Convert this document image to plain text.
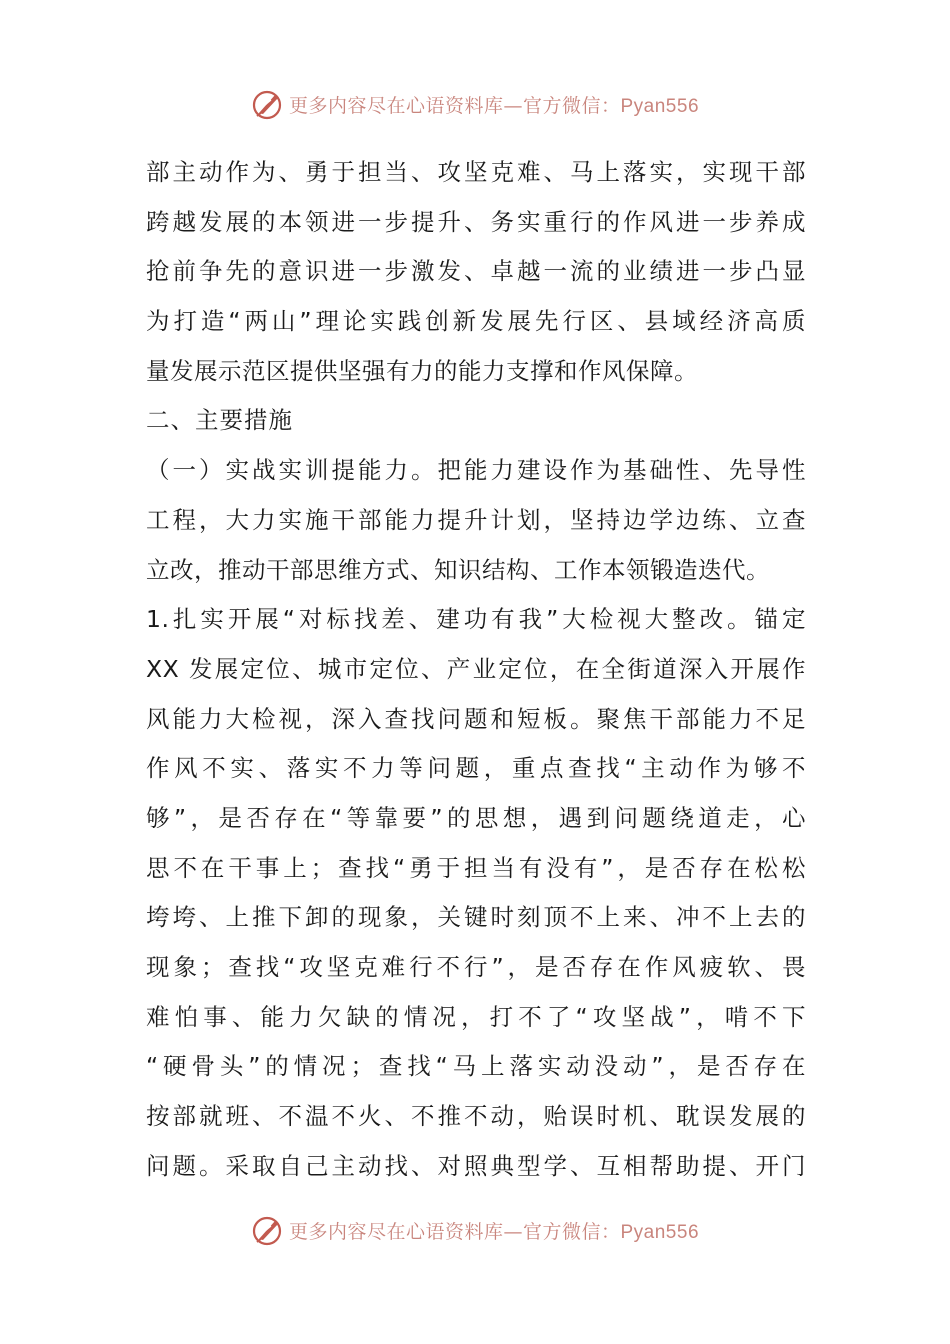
更多内容尽在心语资料库—官方微信：Pyan556
部主动作为、勇于担当、攻坚克难、马上落实，实现干部
跨越发展的本领进一步提升、务实重行的作风进一步养成
抢前争先的意识进一步激发、卓越一流的业绩进一步凸显
为打造“两山”理论实践创新发展先行区、县域经济高质
量发展示范区提供坚强有力的能力支撑和作风保障。
二、主要措施
（一）实战实训提能力。把能力建设作为基础性、先导性
工程，大力实施干部能力提升计划，坚持边学边练、立查
立改，推动干部思维方式、知识结构、工作本领锻造迭代。
1.扎实开展“对标找差、建功有我”大检视大整改。锚定
XX 发展定位、城市定位、产业定位，在全街道深入开展作
风能力大检视，深入查找问题和短板。聚焦干部能力不足
作风不实、落实不力等问题，重点查找“主动作为够不
够”，是否存在“等靠要”的思想，遇到问题绕道走，心
思不在干事上；查找“勇于担当有没有”，是否存在松松
垮垮、上推下卸的现象，关键时刻顶不上来、冲不上去的
现象；查找“攻坚克难行不行”，是否存在作风疲软、畏
难怕事、能力欠缺的情况，打不了“攻坚战”，啃不下
“硬骨头”的情况；查找“马上落实动没动”，是否存在
按部就班、不温不火、不推不动，贻误时机、耽误发展的
问题。采取自己主动找、对照典型学、互相帮助提、开门
更多内容尽在心语资料库—官方微信：Pyan556
